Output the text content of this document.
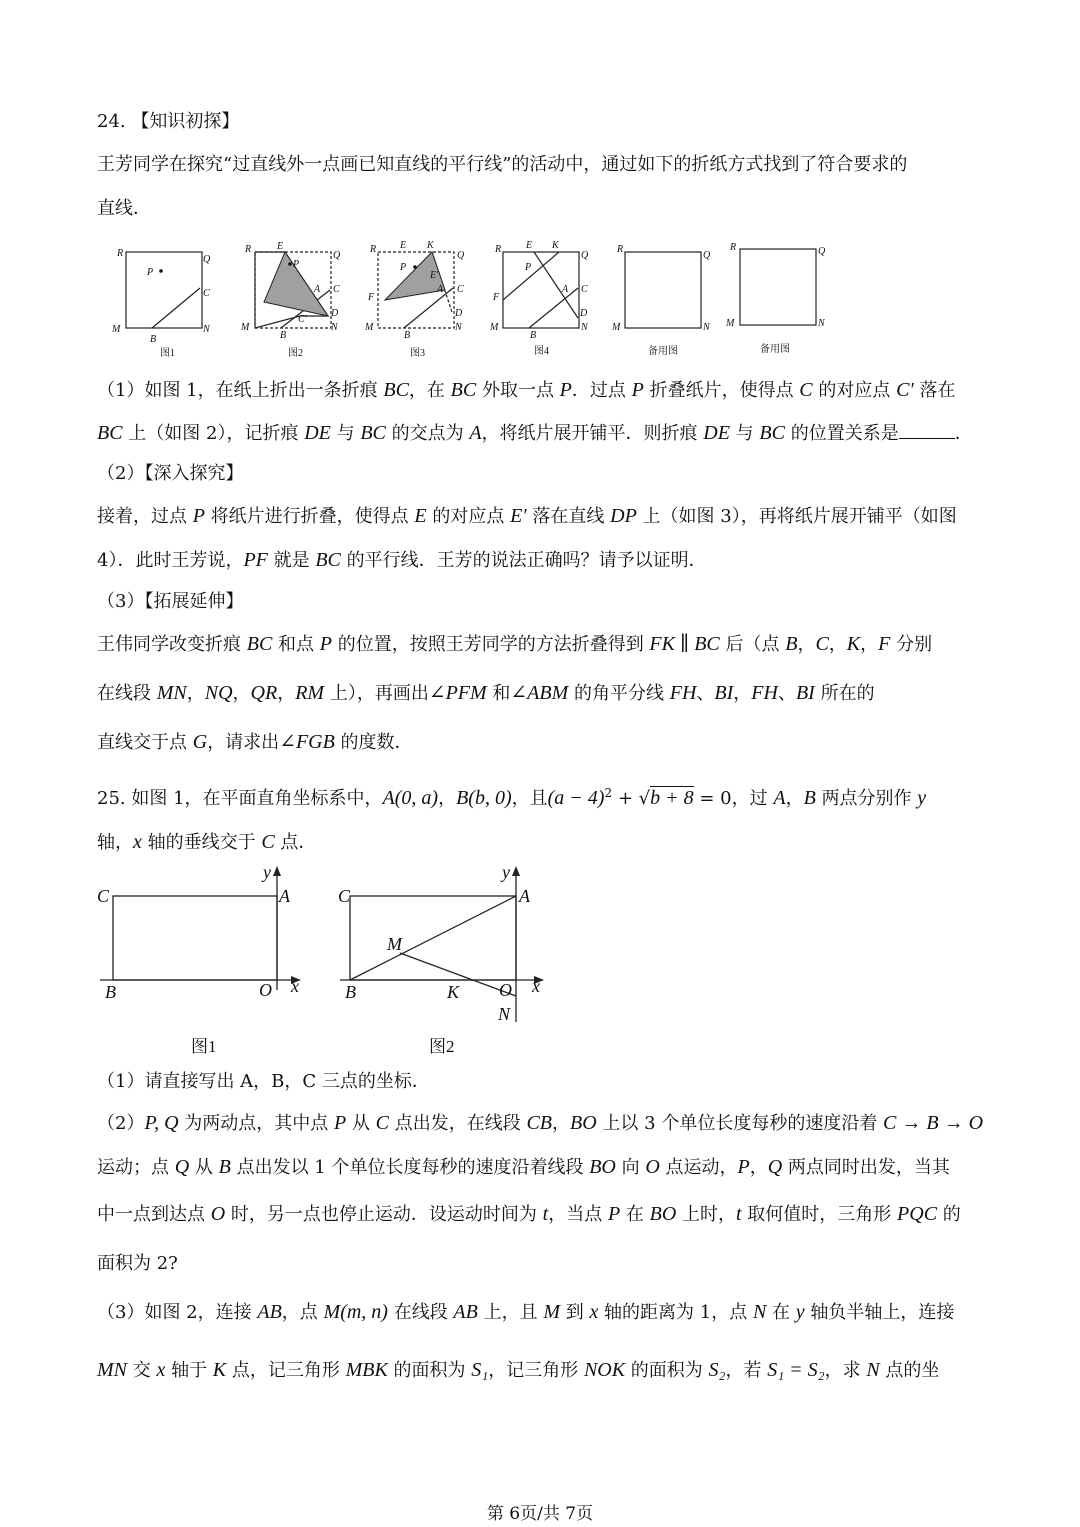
24. 【知识初探】
王芳同学在探究“过直线外一点画已知直线的平行线”的活动中，通过如下的折纸方式找到了符合要求的
直线．
R
Q
P
C
M	N
B
R	E
Q
P
A C
D
C′
M	N
B
R E K
Q
P
E′
A C
F
D
M	N
B
R E K
Q
P
A C
F
D
M	N
B
R
Q
M	N
R	Q
M	N
图1	图2	图3	图4	备用图	备用图
（1）如图 1，在纸上折出一条折痕 BC，在 BC 外取一点 P．过点 P 折叠纸片，使得点 C 的对应点 C′ 落在
BC 上（如图 2），记折痕 DE 与 BC 的交点为 A，将纸片展开铺平．则折痕 DE 与 BC 的位置关系是	．
（2）【深入探究】
接着，过点 P 将纸片进行折叠，使得点 E 的对应点 E′ 落在直线 DP 上（如图 3），再将纸片展开铺平（如图
4）．此时王芳说，PF 就是 BC 的平行线．王芳的说法正确吗？请予以证明．
（3）【拓展延伸】
王伟同学改变折痕 BC 和点 P 的位置，按照王芳同学的方法折叠得到 FK ∥ BC 后（点 B，C，K，F 分别
在线段 MN，NQ，QR，RM 上），再画出∠PFM 和∠ABM 的角平分线 FH、BI，FH、BI 所在的
直线交于点 G，请求出∠FGB 的度数．
25. 如图 1，在平面直角坐标系中，A(0, a)，B(b, 0)，且$(a - 4)^2 + √b + 8 = 0$，过 A，B 两点分别作 y
轴，x 轴的垂线交于 C 点．
C	A
y
B	O x
C	A
y
M
B	K O x
N
图1	图2
（1）请直接写出 A，B，C 三点的坐标．
（2）P, Q 为两动点，其中点 P 从 C 点出发，在线段 CB，BO 上以 3 个单位长度每秒的速度沿着 C → B → O
运动；点 Q 从 B 点出发以 1 个单位长度每秒的速度沿着线段 BO 向 O 点运动，P，Q 两点同时出发，当其
中一点到达点 O 时，另一点也停止运动．设运动时间为 t，当点 P 在 BO 上时，t 取何值时，三角形 PQC 的
面积为 2?
（3）如图 2，连接 AB，点 M(m, n) 在线段 AB 上，且 M 到 x 轴的距离为 1，点 N 在 y 轴负半轴上，连接
MN 交 x 轴于 K 点，记三角形 MBK 的面积为 S₁，记三角形 NOK 的面积为 S₂，若 S₁ = S₂，求 N 点的坐
第 6页/共 7页
